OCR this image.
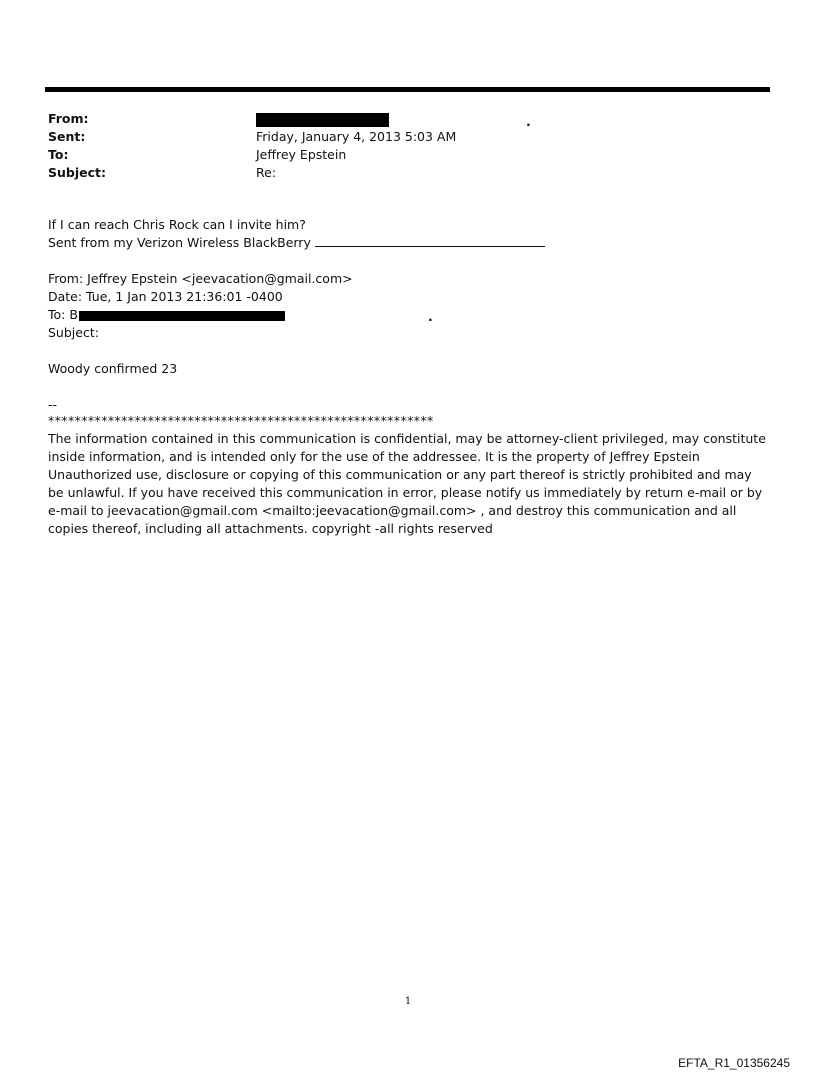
From:	.
Sent:	Friday, January 4, 2013 5:03 AM
To:	Jeffrey Epstein
Subject:	Re:
If I can reach Chris Rock can I invite him?
Sent from my Verizon Wireless BlackBerry
From: Jeffrey Epstein <jeevacation@gmail.com>
Date: Tue, 1 Jan 2013 21:36:01 -0400
To: B	.
Subject:
Woody confirmed 23
--
**********************************************************
The information contained in this communication is confidential, may be attorney-client privileged, may constitute inside information, and is intended only for the use of the addressee. It is the property of Jeffrey Epstein Unauthorized use, disclosure or copying of this communication or any part thereof is strictly prohibited and may be unlawful. If you have received this communication in error, please notify us immediately by return e-mail or by e-mail to jeevacation@gmail.com <mailto:jeevacation@gmail.com> , and destroy this communication and all copies thereof, including all attachments. copyright -all rights reserved
1
EFTA_R1_01356245
